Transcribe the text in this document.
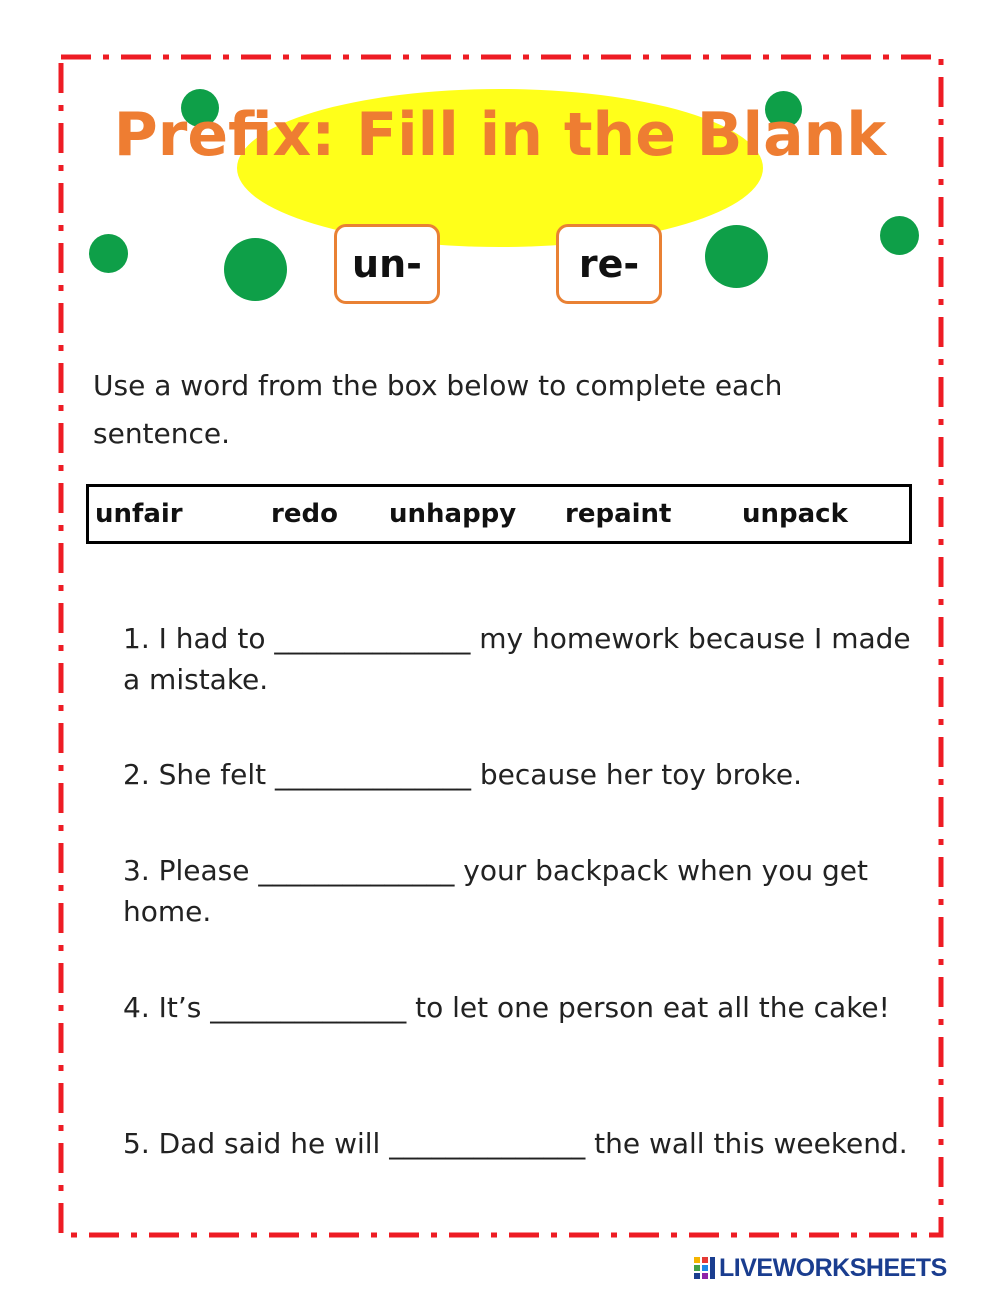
Prefix: Fill in the Blank
un-	re-
Use a word from the box below to complete each sentence.
unfair	redo unhappy repaint	unpack
1. I had to ______________ my homework because I made a mistake.
2. She felt ______________ because her toy broke.
3. Please ______________ your backpack when you get home.
4. It’s ______________ to let one person eat all the cake!
5. Dad said he will ______________ the wall this weekend.
LIVEWORKSHEETS
